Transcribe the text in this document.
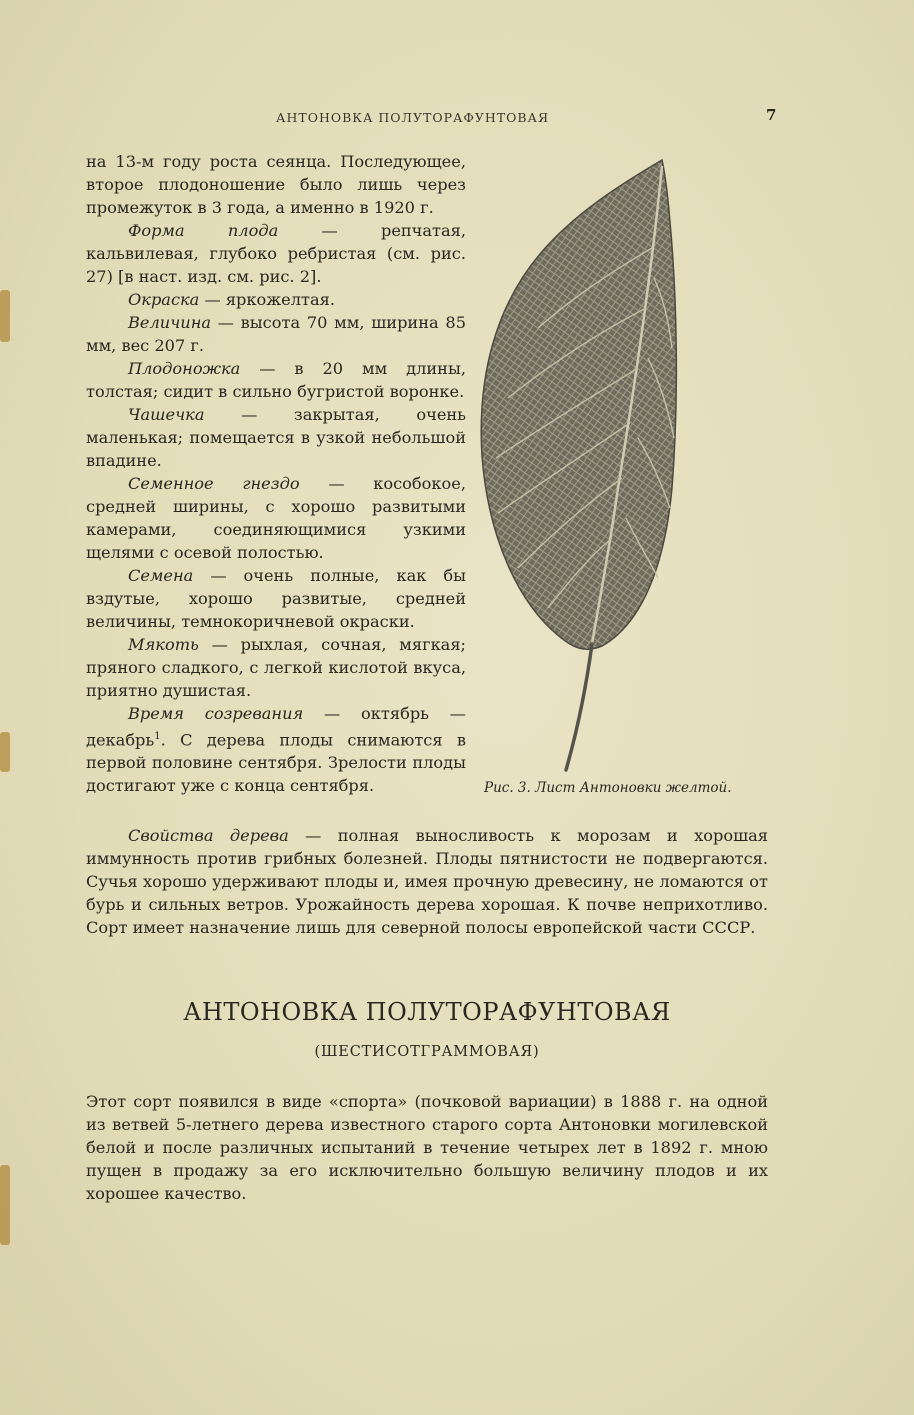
АНТОНОВКА ПОЛУТОРАФУНТОВАЯ	7

на 13-м году роста сеянца. Последующее, второе плодоношение было лишь через промежуток в 3 года, а именно в 1920 г.

Форма плода — репчатая, кальвилевая, глубоко ребристая (см. рис. 27) [в наст. изд. см. рис. 2].

Окраска — яркожелтая.

Величина — высота 70 мм, ширина 85 мм, вес 207 г.

Плодоножка — в 20 мм длины, толстая; сидит в сильно бугристой воронке.

Чашечка — закрытая, очень маленькая; помещается в узкой небольшой впадине.

Семенное гнездо — кособокое, средней ширины, с хорошо развитыми камерами, соединяющимися узкими щелями с осевой полостью.

Семена — очень полные, как бы вздутые, хорошо развитые, средней величины, темнокоричневой окраски.

Мякоть — рыхлая, сочная, мягкая; пряного сладкого, с легкой кислотой вкуса, приятно душистая.

Время созревания — октябрь — декабрь$^1$. С дерева плоды снимаются в первой половине сентября. Зрелости плоды достигают уже с конца сентября.	Рис. 3. Лист Антоновки желтой.

Свойства дерева — полная выносливость к морозам и хорошая иммунность против грибных болезней. Плоды пятнистости не подвергаются. Сучья хорошо удерживают плоды и, имея прочную древесину, не ломаются от бурь и сильных ветров. Урожайность дерева хорошая. К почве неприхотливо. Сорт имеет назначение лишь для северной полосы европейской части СССР.

АНТОНОВКА ПОЛУТОРАФУНТОВАЯ
(ШЕСТИСОТГРАММОВАЯ)

Этот сорт появился в виде «спорта» (почковой вариации) в 1888 г. на одной из ветвей 5-летнего дерева известного старого сорта Антоновки могилевской белой и после различных испытаний в течение четырех лет в 1892 г. мною пущен в продажу за его исключительно большую величину плодов и их хорошее качество.
